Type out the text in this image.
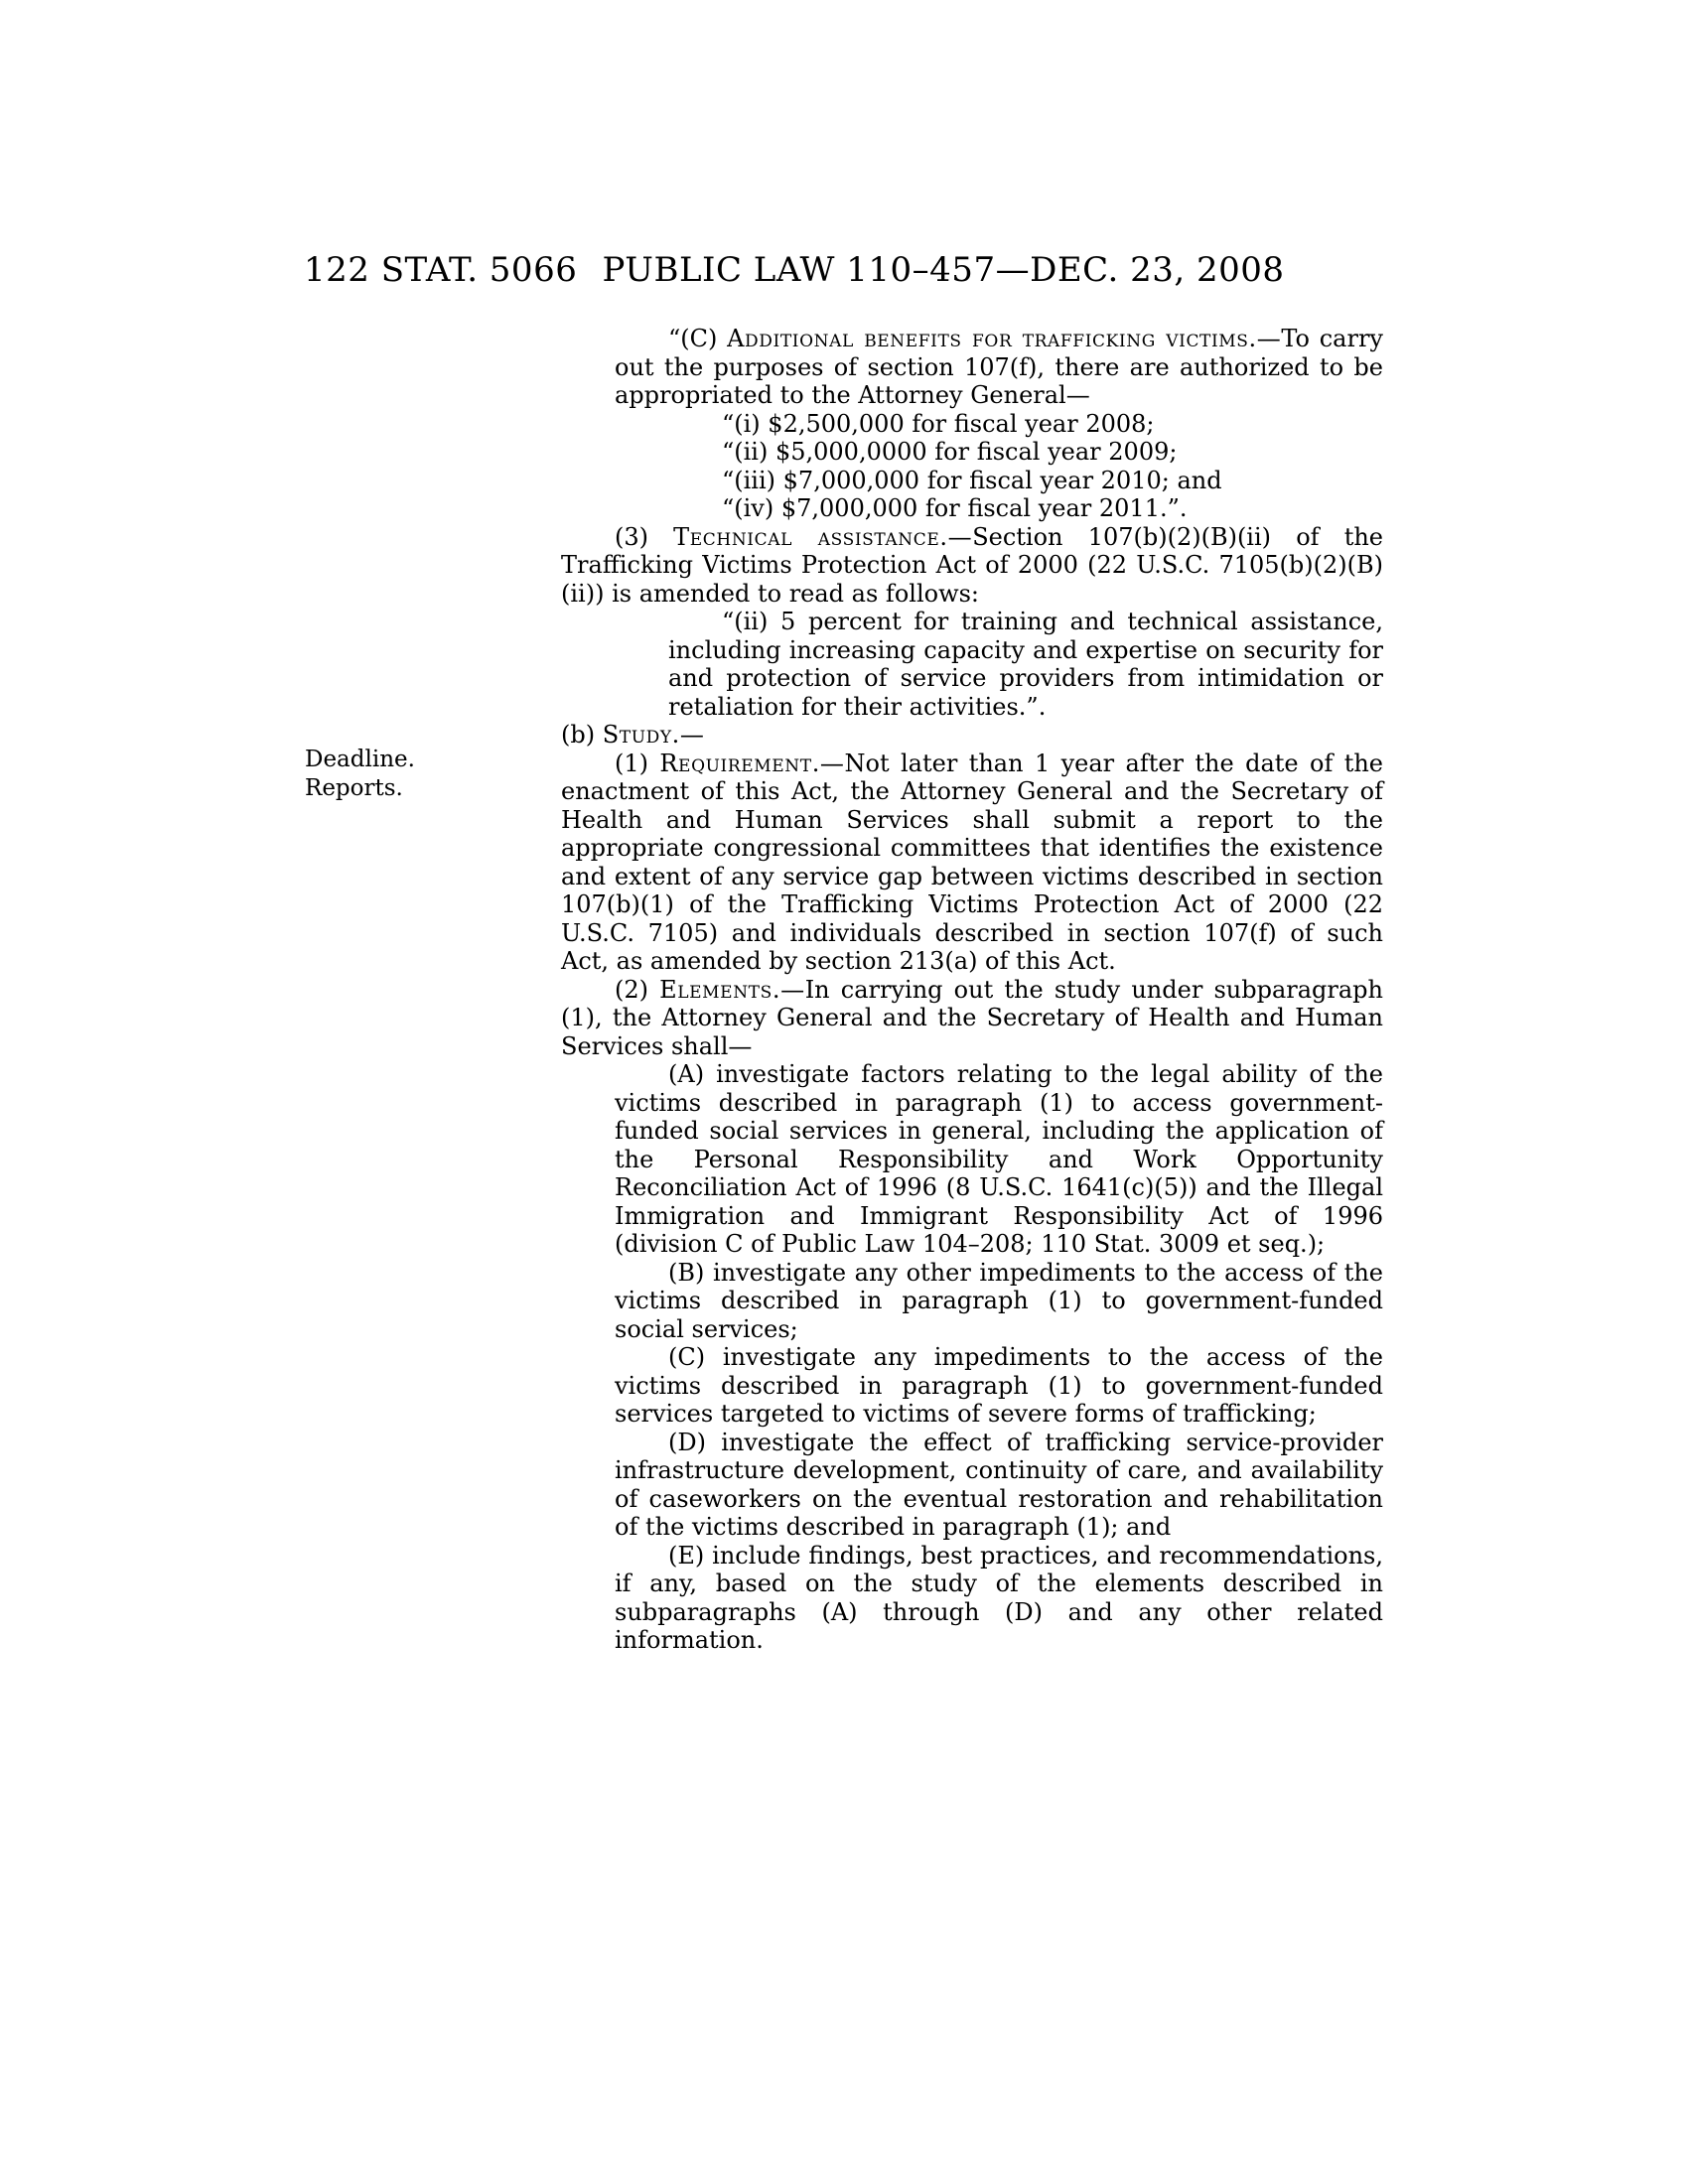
122 STAT. 5066 PUBLIC LAW 110–457—DEC. 23, 2008
Deadline.
Reports.
“(C) Additional benefits for trafficking victims.—To carry out the purposes of section 107(f), there are authorized to be appropriated to the Attorney General—
“(i) $2,500,000 for fiscal year 2008;
“(ii) $5,000,0000 for fiscal year 2009;
“(iii) $7,000,000 for fiscal year 2010; and
“(iv) $7,000,000 for fiscal year 2011.”.
(3) Technical assistance.—Section 107(b)(2)(B)(ii) of the Trafficking Victims Protection Act of 2000 (22 U.S.C. 7105(b)(2)(B)(ii)) is amended to read as follows:
“(ii) 5 percent for training and technical assistance, including increasing capacity and expertise on security for and protection of service providers from intimidation or retaliation for their activities.”.
(b) Study.—
(1) Requirement.—Not later than 1 year after the date of the enactment of this Act, the Attorney General and the Secretary of Health and Human Services shall submit a report to the appropriate congressional committees that identifies the existence and extent of any service gap between victims described in section 107(b)(1) of the Trafficking Victims Protection Act of 2000 (22 U.S.C. 7105) and individuals described in section 107(f) of such Act, as amended by section 213(a) of this Act.
(2) Elements.—In carrying out the study under subparagraph (1), the Attorney General and the Secretary of Health and Human Services shall—
(A) investigate factors relating to the legal ability of the victims described in paragraph (1) to access government-funded social services in general, including the application of the Personal Responsibility and Work Opportunity Reconciliation Act of 1996 (8 U.S.C. 1641(c)(5)) and the Illegal Immigration and Immigrant Responsibility Act of 1996 (division C of Public Law 104–208; 110 Stat. 3009 et seq.);
(B) investigate any other impediments to the access of the victims described in paragraph (1) to government-funded social services;
(C) investigate any impediments to the access of the victims described in paragraph (1) to government-funded services targeted to victims of severe forms of trafficking;
(D) investigate the effect of trafficking service-provider infrastructure development, continuity of care, and availability of caseworkers on the eventual restoration and rehabilitation of the victims described in paragraph (1); and
(E) include findings, best practices, and recommendations, if any, based on the study of the elements described in subparagraphs (A) through (D) and any other related information.
